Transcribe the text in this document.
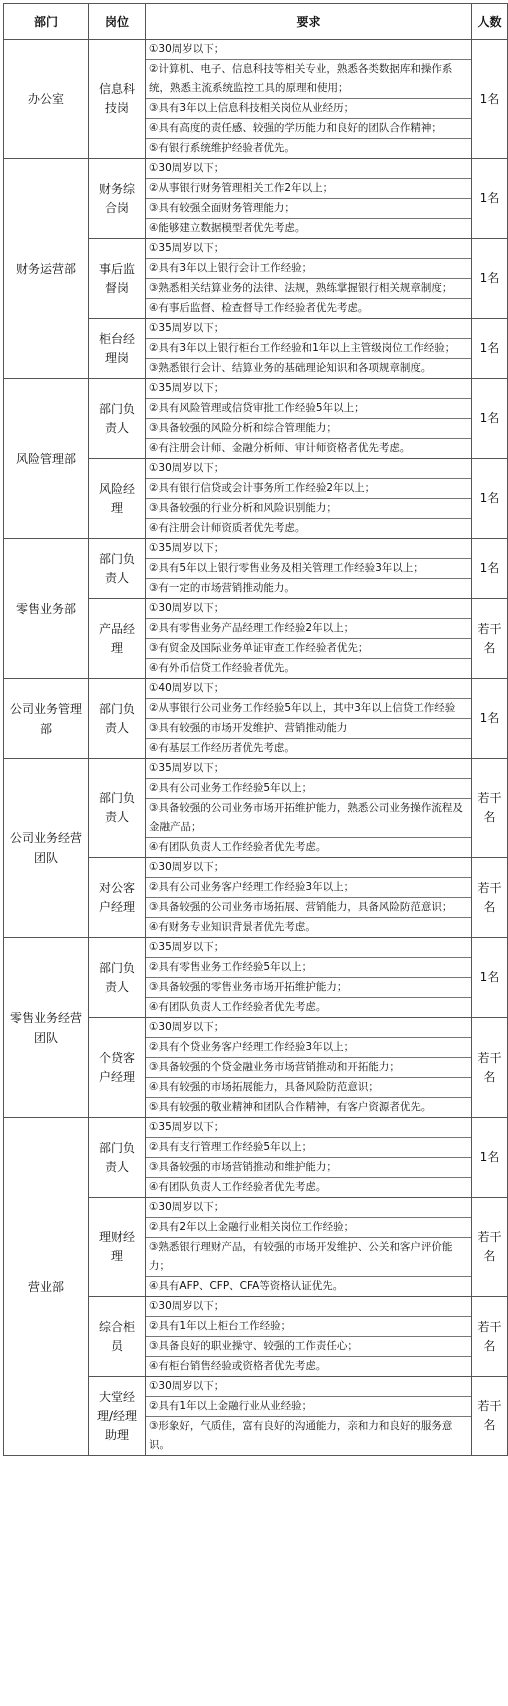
部门	岗位	要求	人数
办公室	信息科技岗	①30周岁以下；
②计算机、电子、信息科技等相关专业，熟悉各类数据库和操作系统，熟悉主流系统监控工具的原理和使用；
③具有3年以上信息科技相关岗位从业经历；
④具有高度的责任感、较强的学历能力和良好的团队合作精神；
⑤有银行系统维护经验者优先。	1名
财务运营部	财务综合岗	①30周岁以下；
②从事银行财务管理相关工作2年以上；
③具有较强全面财务管理能力；
④能够建立数据模型者优先考虑。	1名
	事后监督岗	①35周岁以下；
②具有3年以上银行会计工作经验；
③熟悉相关结算业务的法律、法规，熟练掌握银行相关规章制度；
④有事后监督、检查督导工作经验者优先考虑。	1名
	柜台经理岗	①35周岁以下；
②具有3年以上银行柜台工作经验和1年以上主管级岗位工作经验；
③熟悉银行会计、结算业务的基础理论知识和各项规章制度。	1名
风险管理部	部门负责人	①35周岁以下；
②具有风险管理或信贷审批工作经验5年以上；
③具备较强的风险分析和综合管理能力；
④有注册会计师、金融分析师、审计师资格者优先考虑。	1名
	风险经理	①30周岁以下；
②具有银行信贷或会计事务所工作经验2年以上；
③具备较强的行业分析和风险识别能力；
④有注册会计师资质者优先考虑。	1名
零售业务部	部门负责人	①35周岁以下；
②具有5年以上银行零售业务及相关管理工作经验3年以上；
③有一定的市场营销推动能力。	1名
	产品经理	①30周岁以下；
②具有零售业务产品经理工作经验2年以上；
③有贸金及国际业务单证审查工作经验者优先；
④有外币信贷工作经验者优先。	若干名
公司业务管理部	部门负责人	①40周岁以下；
②从事银行公司业务工作经验5年以上，其中3年以上信贷工作经验
③具有较强的市场开发维护、营销推动能力
④有基层工作经历者优先考虑。	1名
公司业务经营团队	部门负责人	①35周岁以下；
②具有公司业务工作经验5年以上；
③具备较强的公司业务市场开拓维护能力，熟悉公司业务操作流程及金融产品；
④有团队负责人工作经验者优先考虑。	若干名
	对公客户经理	①30周岁以下；
②具有公司业务客户经理工作经验3年以上；
③具备较强的公司业务市场拓展、营销能力，具备风险防范意识；
④有财务专业知识背景者优先考虑。	若干名
零售业务经营团队	部门负责人	①35周岁以下；
②具有零售业务工作经验5年以上；
③具备较强的零售业务市场开拓维护能力；
④有团队负责人工作经验者优先考虑。	1名
	个贷客户经理	①30周岁以下；
②具有个贷业务客户经理工作经验3年以上；
③具备较强的个贷金融业务市场营销推动和开拓能力；
④具有较强的市场拓展能力，具备风险防范意识；
⑤具有较强的敬业精神和团队合作精神，有客户资源者优先。	若干名
营业部	部门负责人	①35周岁以下；
②具有支行管理工作经验5年以上；
③具备较强的市场营销推动和维护能力；
④有团队负责人工作经验者优先考虑。	1名
	理财经理	①30周岁以下；
②具有2年以上金融行业相关岗位工作经验；
③熟悉银行理财产品，有较强的市场开发维护、公关和客户评价能力；
④具有AFP、CFP、CFA等资格认证优先。	若干名
	综合柜员	①30周岁以下；
②具有1年以上柜台工作经验；
③具备良好的职业操守、较强的工作责任心；
④有柜台销售经验或资格者优先考虑。	若干名
	大堂经理/经理助理	①30周岁以下；
②具有1年以上金融行业从业经验；
③形象好，气质佳，富有良好的沟通能力，亲和力和良好的服务意识。	若干名
